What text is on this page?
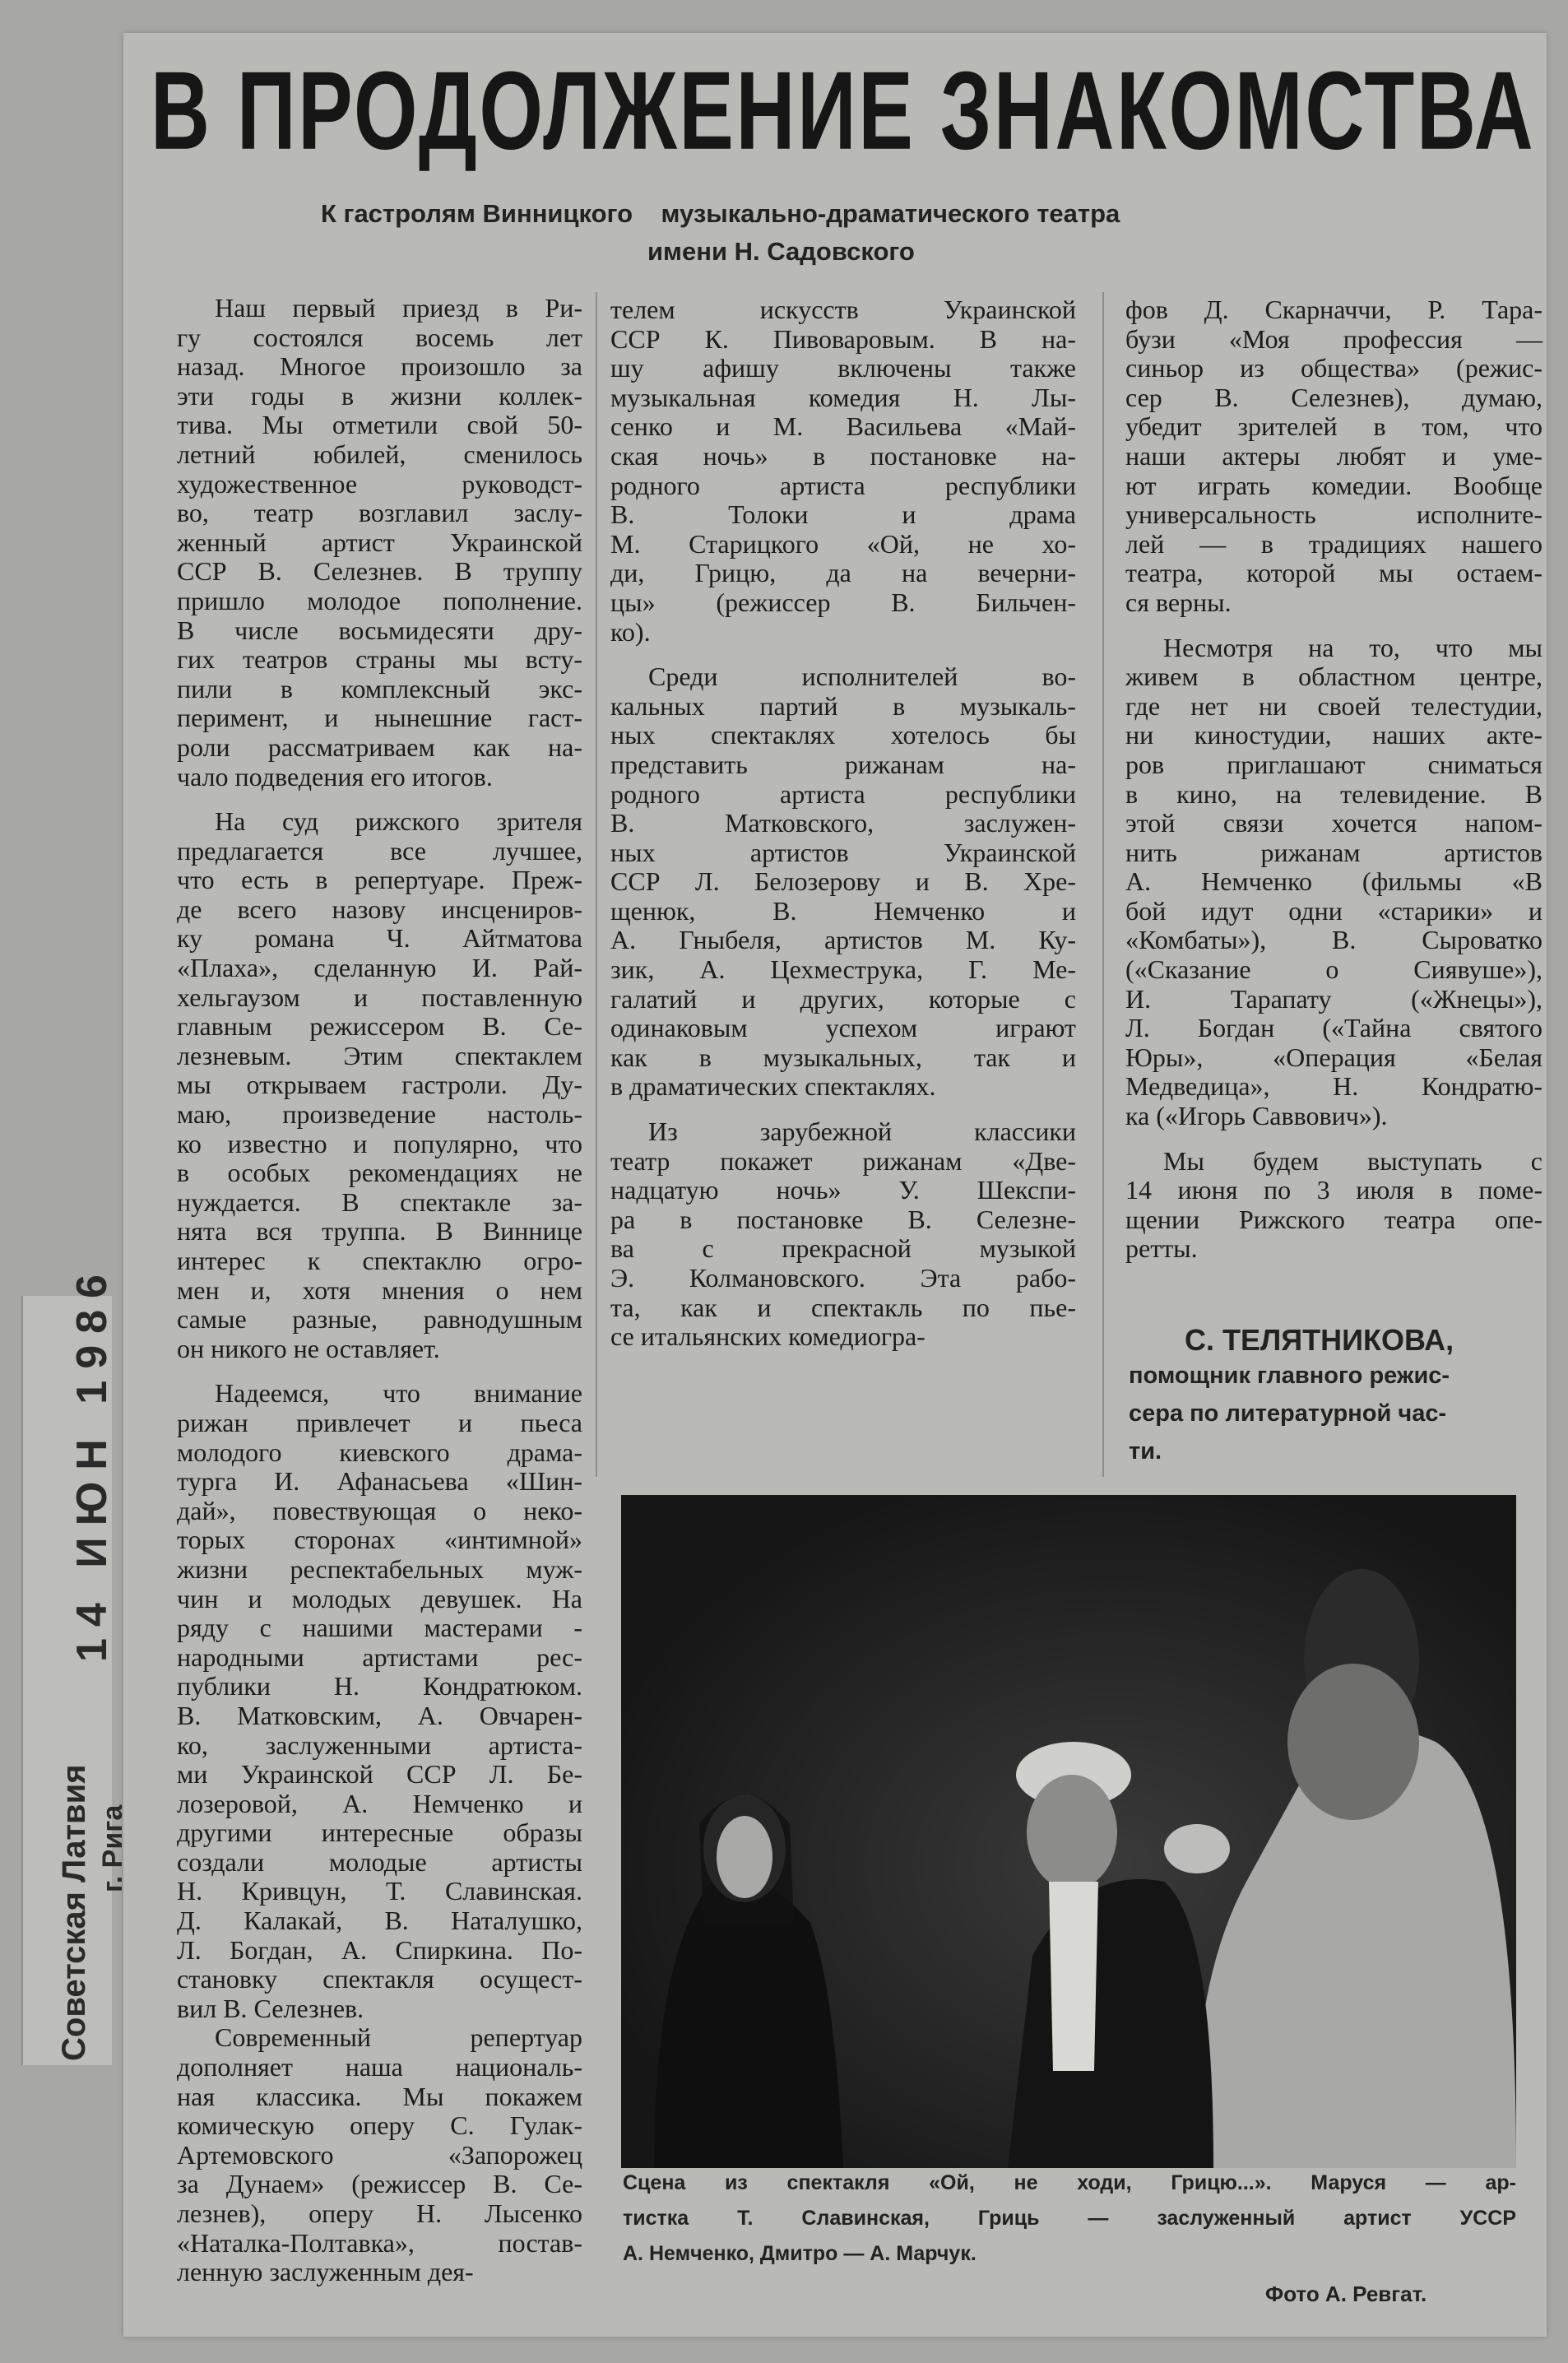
14 ИЮН 1986
Советская Латвия г. Рига
В ПРОДОЛЖЕНИЕ ЗНАКОМСТВА
К гастролям Винницкого    музыкально-драматического театра
имени Н. Садовского
Наш первый приезд в Ри-
гу состоялся восемь лет
назад. Многое произошло за
эти годы в жизни коллек-
тива. Мы отметили свой 50-
летний юбилей, сменилось
художественное руководст-
во, театр возглавил заслу-
женный артист Украинской
ССР В. Селезнев. В труппу
пришло молодое пополнение.
В числе восьмидесяти дру-
гих театров страны мы всту-
пили в комплексный экс-
перимент, и нынешние гаст-
роли рассматриваем как на-
чало подведения его итогов.
На суд рижского зрителя
предлагается все лучшее,
что есть в репертуаре. Преж-
де всего назову инсцениров-
ку романа Ч. Айтматова
«Плаха», сделанную И. Рай-
хельгаузом и поставленную
главным режиссером В. Се-
лезневым. Этим спектаклем
мы открываем гастроли. Ду-
маю, произведение настоль-
ко известно и популярно, что
в особых рекомендациях не
нуждается. В спектакле за-
нята вся труппа. В Виннице
интерес к спектаклю огро-
мен и, хотя мнения о нем
самые разные, равнодушным
он никого не оставляет.
Надеемся, что внимание
рижан привлечет и пьеса
молодого киевского драма-
турга И. Афанасьева «Шин-
дай», повествующая о неко-
торых сторонах «интимной»
жизни респектабельных муж-
чин и молодых девушек. На
ряду с нашими мастерами -
народными артистами рес-
публики Н. Кондратюком.
В. Матковским, А. Овчарен-
ко, заслуженными артиста-
ми Украинской ССР Л. Бе-
лозеровой, А. Немченко и
другими интересные образы
создали молодые артисты
Н. Кривцун, Т. Славинская.
Д. Калакай, В. Наталушко,
Л. Богдан, А. Спиркина. По-
становку спектакля осущест-
вил В. Селезнев.
Современный репертуар
дополняет наша националь-
ная классика. Мы покажем
комическую оперу С. Гулак-
Артемовского «Запорожец
за Дунаем» (режиссер В. Се-
лезнев), оперу Н. Лысенко
«Наталка-Полтавка», постав-
ленную заслуженным дея-
телем искусств Украинской
ССР К. Пивоваровым. В на-
шу афишу включены также
музыкальная комедия Н. Лы-
сенко и М. Васильева «Май-
ская ночь» в постановке на-
родного артиста республики
В. Толоки и драма
М. Старицкого «Ой, не хо-
ди, Грицю, да на вечерни-
цы» (режиссер В. Бильчен-
ко).
Среди исполнителей во-
кальных партий в музыкаль-
ных спектаклях хотелось бы
представить рижанам на-
родного артиста республики
В. Матковского, заслужен-
ных артистов Украинской
ССР Л. Белозерову и В. Хре-
щенюк, В. Немченко и
А. Гныбеля, артистов М. Ку-
зик, А. Цехместрука, Г. Ме-
галатий и других, которые с
одинаковым успехом играют
как в музыкальных, так и
в драматических спектаклях.
Из зарубежной классики
театр покажет рижанам «Две-
надцатую ночь» У. Шекспи-
ра в постановке В. Селезне-
ва с прекрасной музыкой
Э. Колмановского. Эта рабо-
та, как и спектакль по пье-
се итальянских комедиогра-
фов Д. Скарначчи, Р. Тара-
бузи «Моя профессия —
синьор из общества» (режис-
сер В. Селезнев), думаю,
убедит зрителей в том, что
наши актеры любят и уме-
ют играть комедии. Вообще
универсальность исполните-
лей — в традициях нашего
театра, которой мы остаем-
ся верны.
Несмотря на то, что мы
живем в областном центре,
где нет ни своей телестудии,
ни киностудии, наших акте-
ров приглашают сниматься
в кино, на телевидение. В
этой связи хочется напом-
нить рижанам артистов
А. Немченко (фильмы «В
бой идут одни «старики» и
«Комбаты»), В. Сыроватко
(«Сказание о Сиявуше»),
И. Тарапату («Жнецы»),
Л. Богдан («Тайна святого
Юры», «Операция «Белая
Медведица», Н. Кондратю-
ка («Игорь Саввович»).
Мы будем выступать с
14 июня по 3 июля в поме-
щении Рижского театра опе-
ретты.
С. ТЕЛЯТНИКОВА,
помощник главного режис-
сера по литературной час-
ти.
Сцена из спектакля «Ой, не ходи, Грицю...». Маруся — ар-
тистка Т. Славинская, Гриць — заслуженный артист УССР
А. Немченко, Дмитро — А. Марчук.
Фото А. Ревгат.
